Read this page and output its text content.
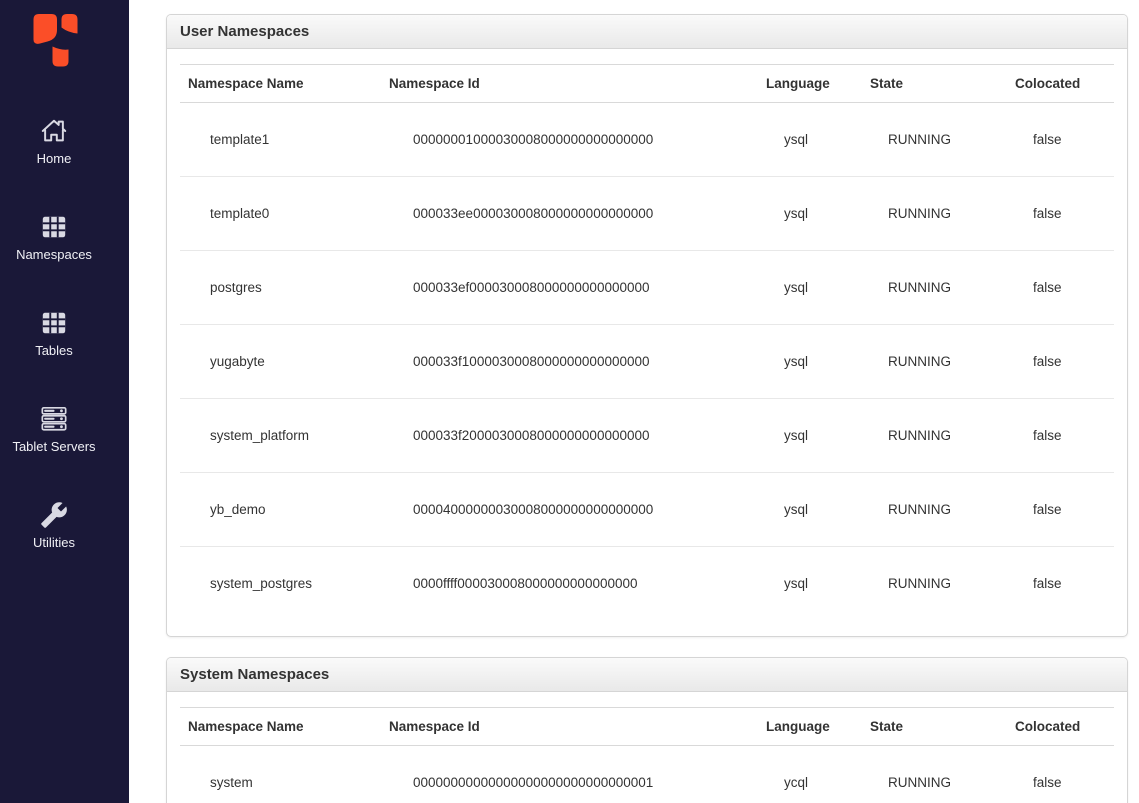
Home
Namespaces
Tables
Tablet Servers
Utilities
User Namespaces
Namespace Name	Namespace Id	Language	State	Colocated
template1	00000001000030008000000000000000	ysql	RUNNING	false
template0	000033ee000030008000000000000000	ysql	RUNNING	false
postgres	000033ef000030008000000000000000	ysql	RUNNING	false
yugabyte	000033f1000030008000000000000000	ysql	RUNNING	false
system_platform	000033f2000030008000000000000000	ysql	RUNNING	false
yb_demo	00004000000030008000000000000000	ysql	RUNNING	false
system_postgres	0000ffff000030008000000000000000	ysql	RUNNING	false
System Namespaces
Namespace Name	Namespace Id	Language	State	Colocated
system	00000000000000000000000000000001	ycql	RUNNING	false
